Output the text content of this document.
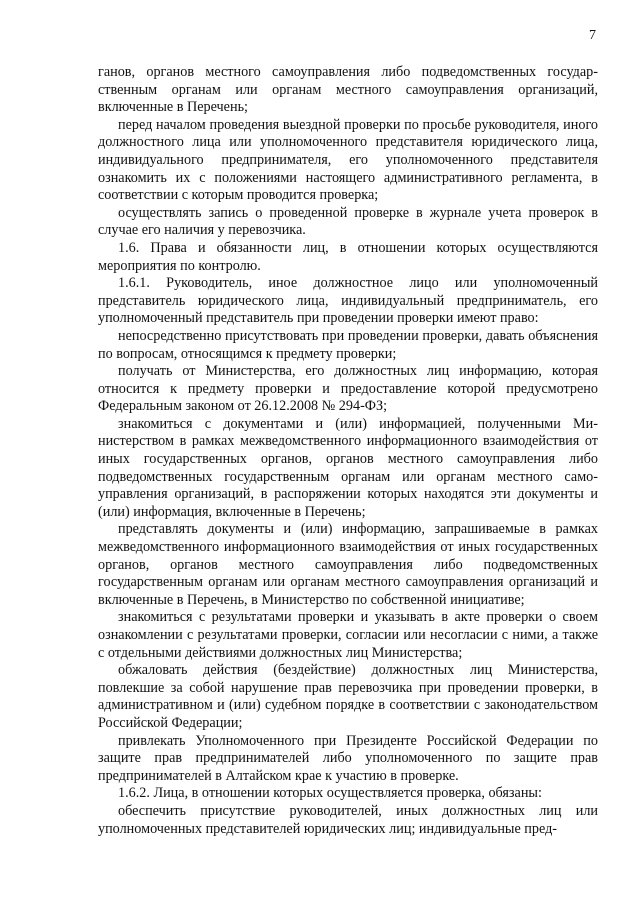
7

ганов, органов местного самоуправления либо подведомственных государственным органам или органам местного самоуправления организаций, включенные в Перечень;

перед началом проведения выездной проверки по просьбе руководителя, иного должностного лица или уполномоченного представителя юридического лица, индивидуального предпринимателя, его уполномоченного представителя ознакомить их с положениями настоящего административного регламента, в соответствии с которым проводится проверка;

осуществлять запись о проведенной проверке в журнале учета проверок в случае его наличия у перевозчика.

1.6. Права и обязанности лиц, в отношении которых осуществляются мероприятия по контролю.

1.6.1. Руководитель, иное должностное лицо или уполномоченный представитель юридического лица, индивидуальный предприниматель, его уполномоченный представитель при проведении проверки имеют право:

непосредственно присутствовать при проведении проверки, давать объяснения по вопросам, относящимся к предмету проверки;

получать от Министерства, его должностных лиц информацию, которая относится к предмету проверки и предоставление которой предусмотрено Федеральным законом от 26.12.2008 № 294-ФЗ;

знакомиться с документами и (или) информацией, полученными Министерством в рамках межведомственного информационного взаимодействия от иных государственных органов, органов местного самоуправления либо подведомственных государственным органам или органам местного самоуправления организаций, в распоряжении которых находятся эти документы и (или) информация, включенные в Перечень;

представлять документы и (или) информацию, запрашиваемые в рамках межведомственного информационного взаимодействия от иных государственных органов, органов местного самоуправления либо подведомственных государственным органам или органам местного самоуправления организаций и включенные в Перечень, в Министерство по собственной инициативе;

знакомиться с результатами проверки и указывать в акте проверки о своем ознакомлении с результатами проверки, согласии или несогласии с ними, а также с отдельными действиями должностных лиц Министерства;

обжаловать действия (бездействие) должностных лиц Министерства, повлекшие за собой нарушение прав перевозчика при проведении проверки, в административном и (или) судебном порядке в соответствии с законодательством Российской Федерации;

привлекать Уполномоченного при Президенте Российской Федерации по защите прав предпринимателей либо уполномоченного по защите прав предпринимателей в Алтайском крае к участию в проверке.

1.6.2. Лица, в отношении которых осуществляется проверка, обязаны:

обеспечить присутствие руководителей, иных должностных лиц или уполномоченных представителей юридических лиц; индивидуальные пред-
